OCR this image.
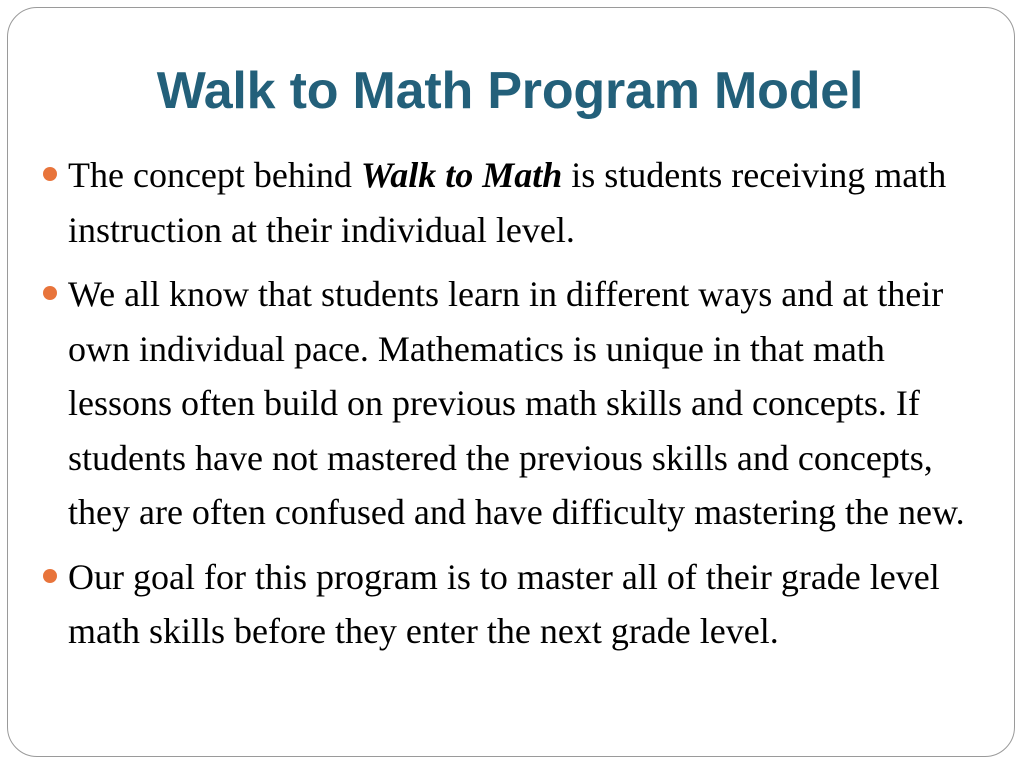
Walk to Math Program Model
The concept behind Walk to Math is students receiving math instruction at their individual level.
We all know that students learn in different ways and at their own individual pace. Mathematics is unique in that math lessons often build on previous math skills and concepts. If students have not mastered the previous skills and concepts, they are often confused and have difficulty mastering the new.
Our goal for this program is to master all of their grade level math skills before they enter the next grade level.
